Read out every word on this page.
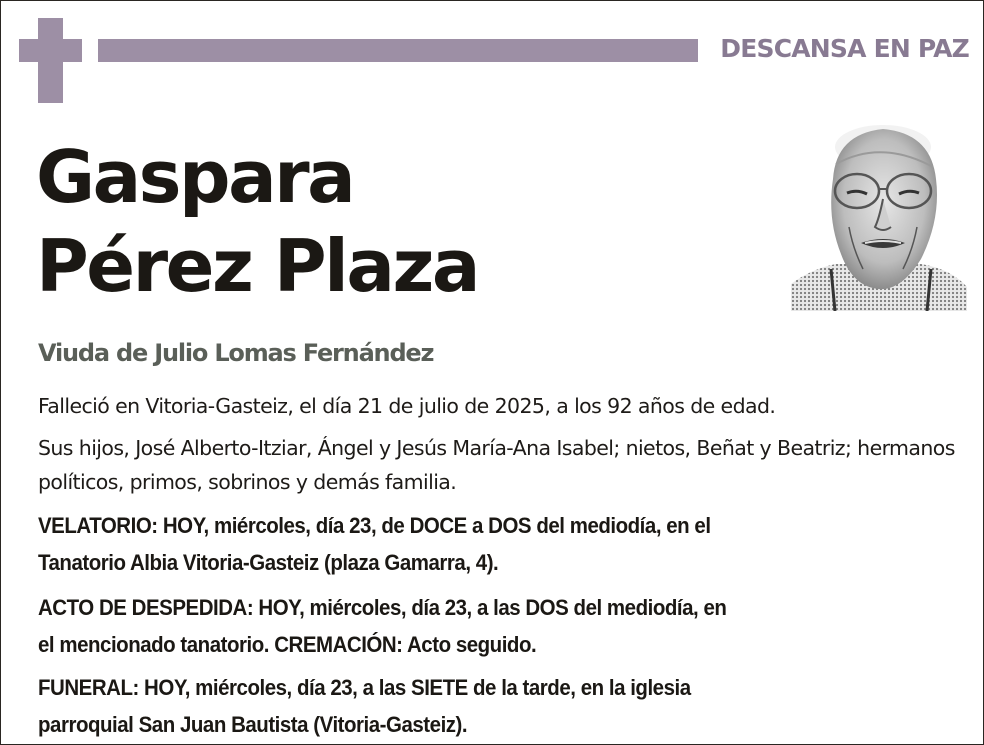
DESCANSA EN PAZ
Gaspara
Pérez Plaza
Viuda de Julio Lomas Fernández

Falleció en Vitoria-Gasteiz, el día 21 de julio de 2025, a los 92 años de edad.

Sus hijos, José Alberto-Itziar, Ángel y Jesús María-Ana Isabel; nietos, Beñat y Beatriz; hermanos políticos, primos, sobrinos y demás familia.

VELATORIO: HOY, miércoles, día 23, de DOCE a DOS del mediodía, en el
Tanatorio Albia Vitoria-Gasteiz (plaza Gamarra, 4).
ACTO DE DESPEDIDA: HOY, miércoles, día 23, a las DOS del mediodía, en
el mencionado tanatorio. CREMACIÓN: Acto seguido.
FUNERAL: HOY, miércoles, día 23, a las SIETE de la tarde, en la iglesia
parroquial San Juan Bautista (Vitoria-Gasteiz).
